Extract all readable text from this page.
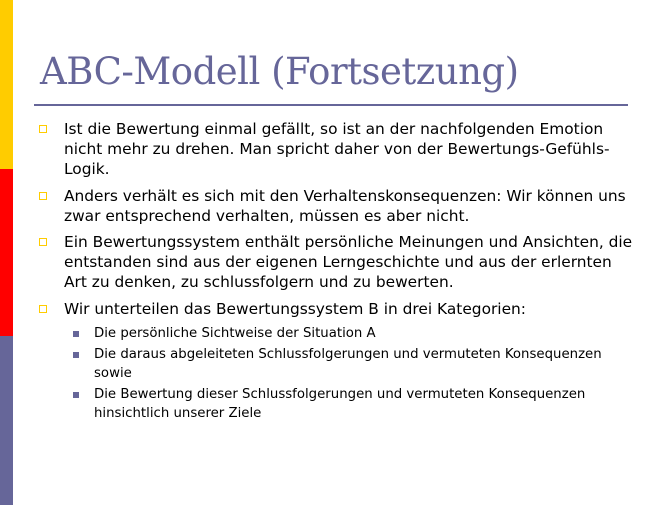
ABC-Modell (Fortsetzung)
Ist die Bewertung einmal gefällt, so ist an der nachfolgenden Emotion nicht mehr zu drehen. Man spricht daher von der Bewertungs-Gefühls-Logik.
Anders verhält es sich mit den Verhaltenskonsequenzen: Wir können uns zwar entsprechend verhalten, müssen es aber nicht.
Ein Bewertungssystem enthält persönliche Meinungen und Ansichten, die entstanden sind aus der eigenen Lerngeschichte und aus der erlernten Art zu denken, zu schlussfolgern und zu bewerten.
Wir unterteilen das Bewertungssystem B in drei Kategorien:
Die persönliche Sichtweise der Situation A
Die daraus abgeleiteten Schlussfolgerungen und vermuteten Konsequenzen sowie
Die Bewertung dieser Schlussfolgerungen und vermuteten Konsequenzen hinsichtlich unserer Ziele
